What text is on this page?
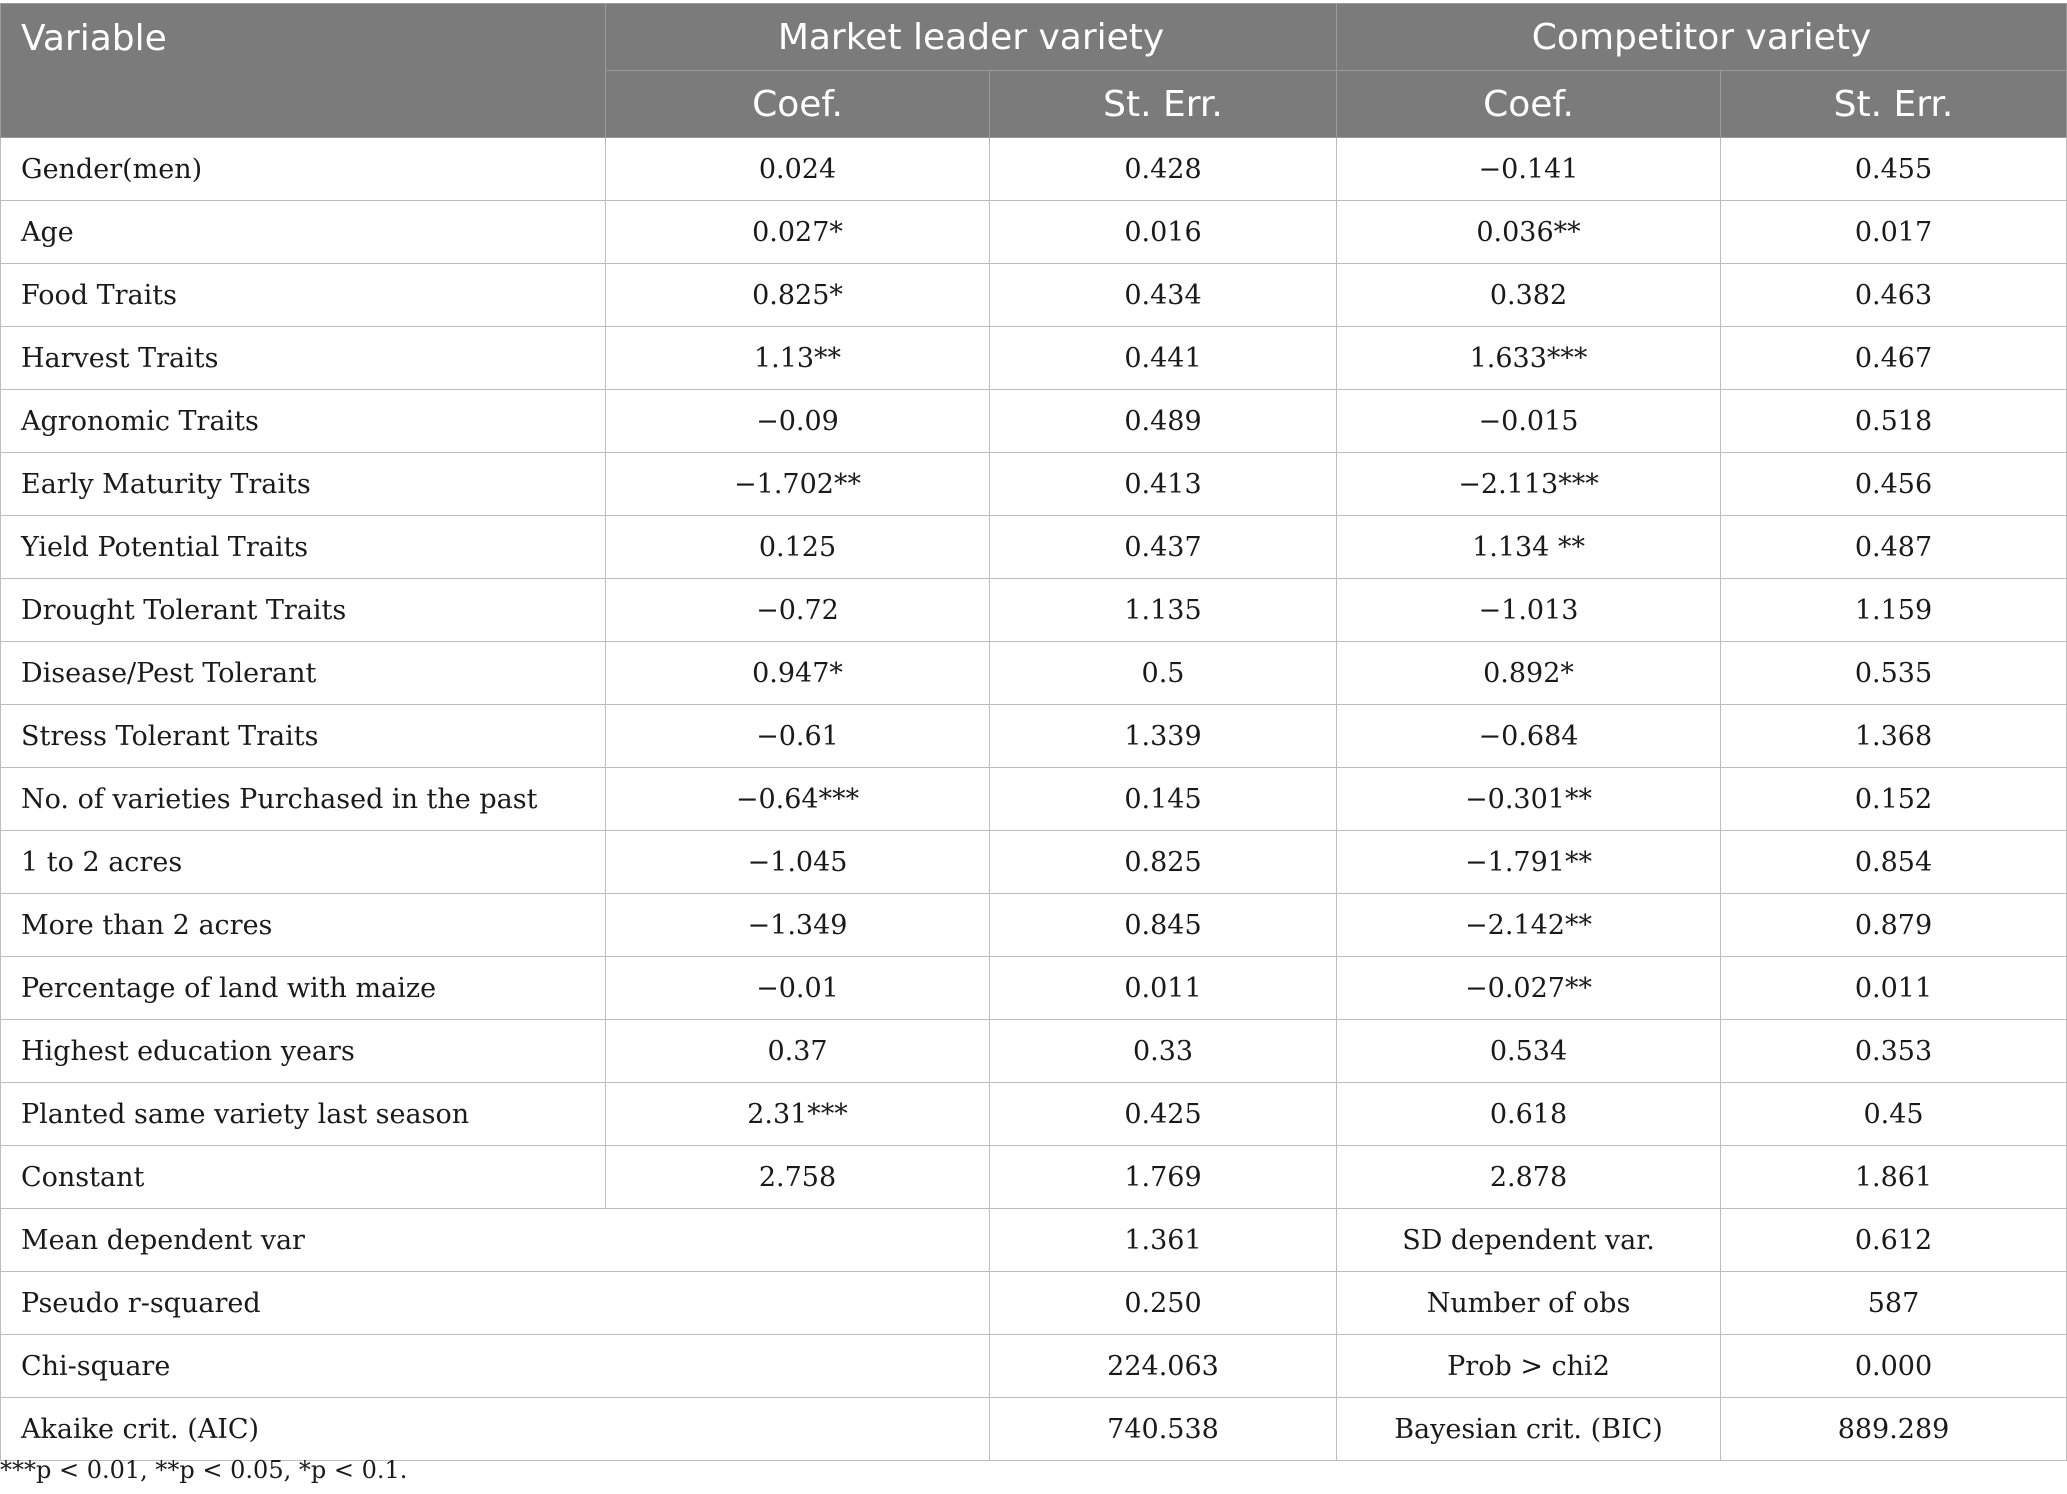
Variable	Market leader variety		Competitor variety	
	Coef.	St. Err.	Coef.	St. Err.
Gender(men)	0.024	0.428	−0.141	0.455
Age	0.027*	0.016	0.036**	0.017
Food Traits	0.825*	0.434	0.382	0.463
Harvest Traits	1.13**	0.441	1.633***	0.467
Agronomic Traits	−0.09	0.489	−0.015	0.518
Early Maturity Traits	−1.702**	0.413	−2.113***	0.456
Yield Potential Traits	0.125	0.437	1.134 **	0.487
Drought Tolerant Traits	−0.72	1.135	−1.013	1.159
Disease/Pest Tolerant	0.947*	0.5	0.892*	0.535
Stress Tolerant Traits	−0.61	1.339	−0.684	1.368
No. of varieties Purchased in the past	−0.64***	0.145	−0.301**	0.152
1 to 2 acres	−1.045	0.825	−1.791**	0.854
More than 2 acres	−1.349	0.845	−2.142**	0.879
Percentage of land with maize	−0.01	0.011	−0.027**	0.011
Highest education years	0.37	0.33	0.534	0.353
Planted same variety last season	2.31***	0.425	0.618	0.45
Constant	2.758	1.769	2.878	1.861
Mean dependent var		1.361	SD dependent var.	0.612
Pseudo r-squared		0.250	Number of obs	587
Chi-square		224.063	Prob > chi2	0.000
Akaike crit. (AIC)		740.538	Bayesian crit. (BIC)	889.289
***p < 0.01, **p < 0.05, *p < 0.1.
